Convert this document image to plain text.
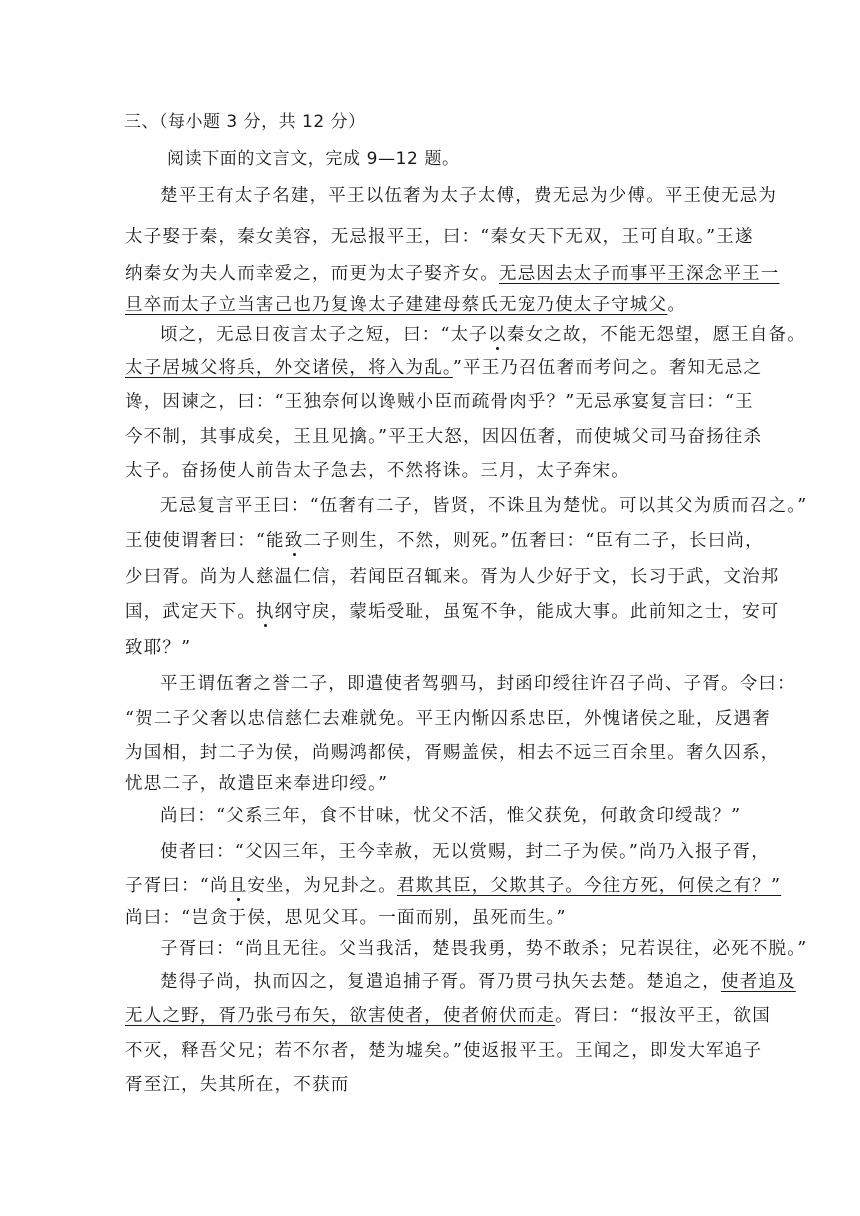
三、（每小题 3 分，共 12 分）
阅读下面的文言文，完成 9—12 题。
楚平王有太子名建，平王以伍奢为太子太傅，费无忌为少傅。平王使无忌为
太子娶于秦，秦女美容，无忌报平王，曰：“秦女天下无双，王可自取。”王遂
纳秦女为夫人而幸爱之，而更为太子娶齐女。无忌因去太子而事平王深念平王一
旦卒而太子立当害己也乃复谗太子建建母蔡氏无宠乃使太子守城父。
顷之，无忌日夜言太子之短，曰：“太子以秦女之故，不能无怨望，愿王自备。
太子居城父将兵，外交诸侯，将入为乱。”平王乃召伍奢而考问之。奢知无忌之
谗，因谏之，曰：“王独奈何以谗贼小臣而疏骨肉乎？”无忌承宴复言曰：“王
今不制，其事成矣，王且见擒。”平王大怒，因囚伍奢，而使城父司马奋扬往杀
太子。奋扬使人前告太子急去，不然将诛。三月，太子奔宋。
无忌复言平王曰：“伍奢有二子，皆贤，不诛且为楚忧。可以其父为质而召之。”
王使使谓奢曰：“能致二子则生，不然，则死。”伍奢曰：“臣有二子，长曰尚，
少曰胥。尚为人慈温仁信，若闻臣召辄来。胥为人少好于文，长习于武，文治邦
国，武定天下。执纲守戾，蒙垢受耻，虽冤不争，能成大事。此前知之士，安可
致耶？”
平王谓伍奢之誉二子，即遣使者驾驷马，封函印绶往许召子尚、子胥。令曰：
“贺二子父奢以忠信慈仁去难就免。平王内惭囚系忠臣，外愧诸侯之耻，反遇奢
为国相，封二子为侯，尚赐鸿都侯，胥赐盖侯，相去不远三百余里。奢久囚系，
忧思二子，故遣臣来奉进印绶。”
尚曰：“父系三年，食不甘味，忧父不活，惟父获免，何敢贪印绶哉？”
使者曰：“父囚三年，王今幸赦，无以赏赐，封二子为侯。”尚乃入报子胥，
子胥曰：“尚且安坐，为兄卦之。君欺其臣，父欺其子。今往方死，何侯之有？”
尚曰：“岂贪于侯，思见父耳。一面而别，虽死而生。”
子胥曰：“尚且无往。父当我活，楚畏我勇，势不敢杀；兄若误往，必死不脱。”
楚得子尚，执而囚之，复遣追捕子胥。胥乃贯弓执矢去楚。楚追之，使者追及
无人之野，胥乃张弓布矢，欲害使者，使者俯伏而走。胥曰：“报汝平王，欲国
不灭，释吾父兄；若不尔者，楚为墟矣。”使返报平王。王闻之，即发大军追子
胥至江，失其所在，不获而
